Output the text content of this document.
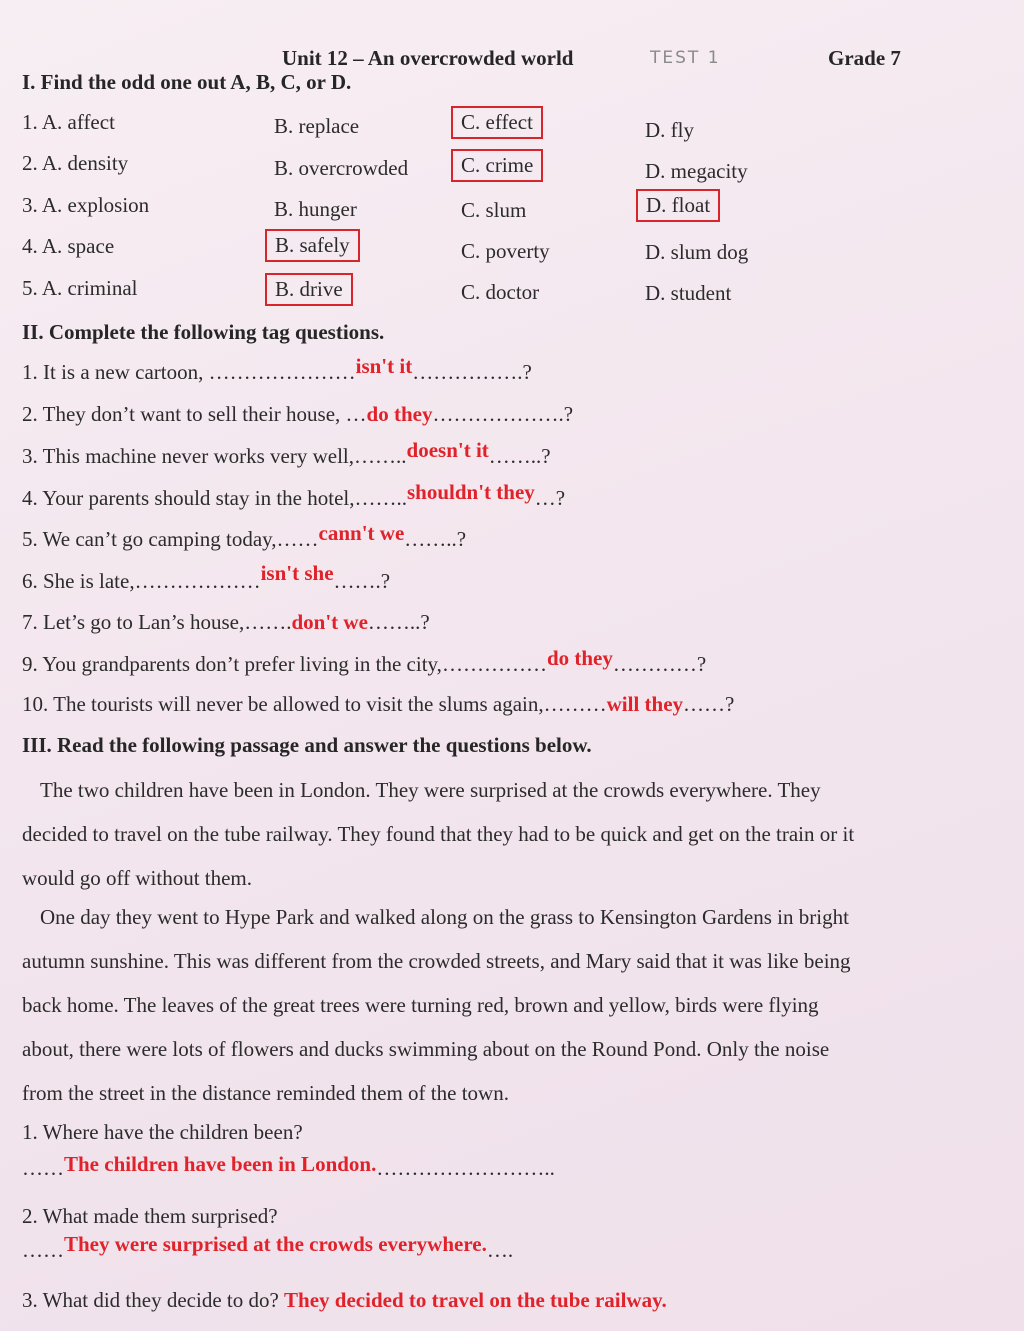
Unit 12 – An overcrowded world	TEST 1	Grade 7
I. Find the odd one out A, B, C, or D.
1. A. affect	B. replace	C. effect	D. fly
2. A. density	B. overcrowded	C. crime	D. megacity
3. A. explosion	B. hunger	C. slum	D. float
4. A. space	B. safely	C. poverty	D. slum dog
5. A. criminal	B. drive	C. doctor	D. student
II. Complete the following tag questions.
1. It is a new cartoon, …………………isn't it…………….?
2. They don’t want to sell their house, …do they……………….?
3. This machine never works very well,……..doesn't it……..?
4. Your parents should stay in the hotel,……..shouldn't they…?
5. We can’t go camping today,……cann't we……..?
6. She is late,………………isn't she…….?
7. Let’s go to Lan’s house,…….don't we……..?
9. You grandparents don’t prefer living in the city,……………do they…………?
10. The tourists will never be allowed to visit the slums again,………will they……?
III. Read the following passage and answer the questions below.
The two children have been in London. They were surprised at the crowds everywhere. They
decided to travel on the tube railway. They found that they had to be quick and get on the train or it
would go off without them.
One day they went to Hype Park and walked along on the grass to Kensington Gardens in bright
autumn sunshine. This was different from the crowded streets, and Mary said that it was like being
back home. The leaves of the great trees were turning red, brown and yellow, birds were flying
about, there were lots of flowers and ducks swimming about on the Round Pond. Only the noise
from the street in the distance reminded them of the town.
1. Where have the children been?
……The children have been in London.……………………..
2. What made them surprised?
……They were surprised at the crowds everywhere.….
3. What did they decide to do? They decided to travel on the tube railway.
